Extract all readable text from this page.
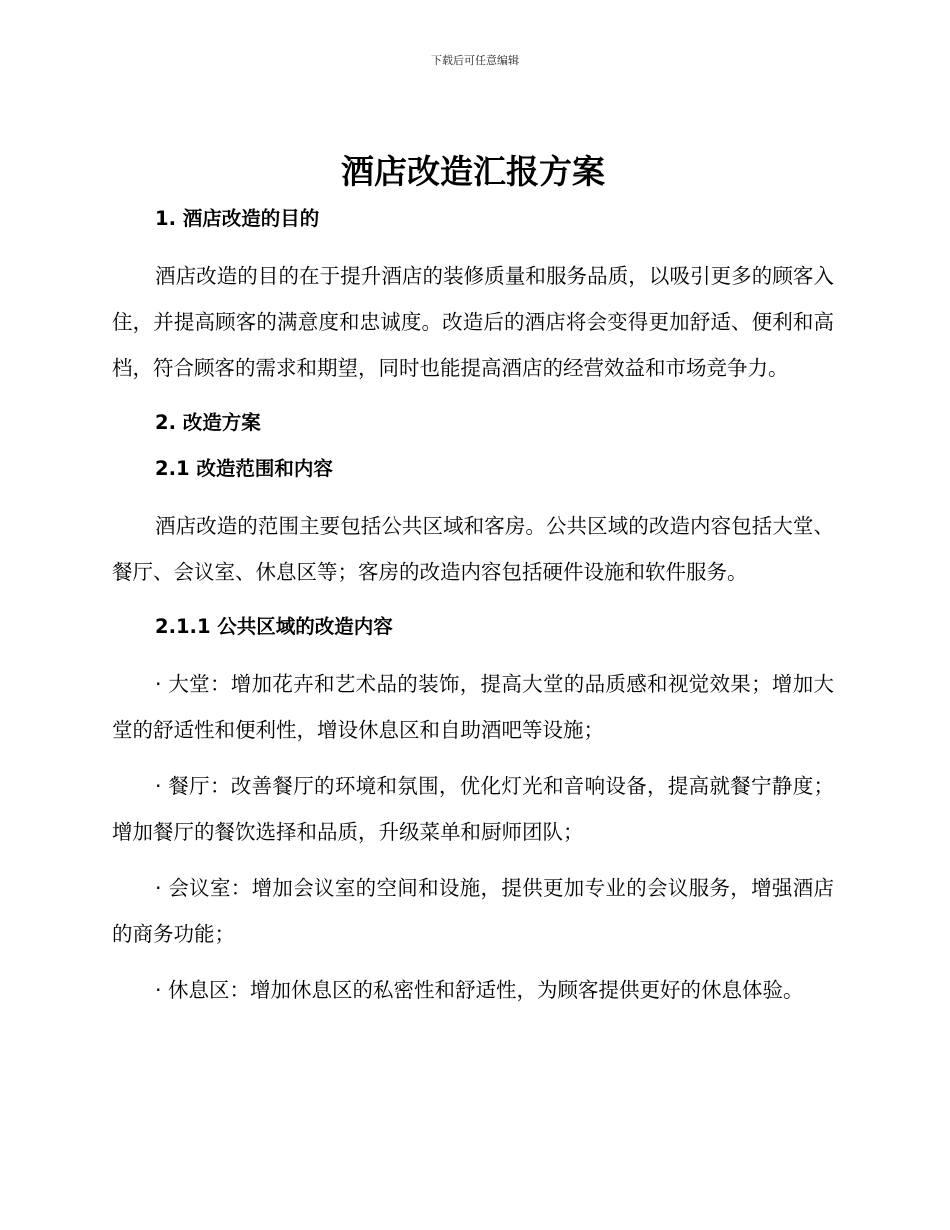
下载后可任意编辑
酒店改造汇报方案
1. 酒店改造的目的

酒店改造的目的在于提升酒店的装修质量和服务品质，以吸引更多的顾客入住，并提高顾客的满意度和忠诚度。改造后的酒店将会变得更加舒适、便利和高档，符合顾客的需求和期望，同时也能提高酒店的经营效益和市场竞争力。

2. 改造方案
2.1 改造范围和内容

酒店改造的范围主要包括公共区域和客房。公共区域的改造内容包括大堂、餐厅、会议室、休息区等；客房的改造内容包括硬件设施和软件服务。

2.1.1 公共区域的改造内容

· 大堂：增加花卉和艺术品的装饰，提高大堂的品质感和视觉效果；增加大堂的舒适性和便利性，增设休息区和自助酒吧等设施；

· 餐厅：改善餐厅的环境和氛围，优化灯光和音响设备，提高就餐宁静度；增加餐厅的餐饮选择和品质，升级菜单和厨师团队；

· 会议室：增加会议室的空间和设施，提供更加专业的会议服务，增强酒店的商务功能；

· 休息区：增加休息区的私密性和舒适性，为顾客提供更好的休息体验。
